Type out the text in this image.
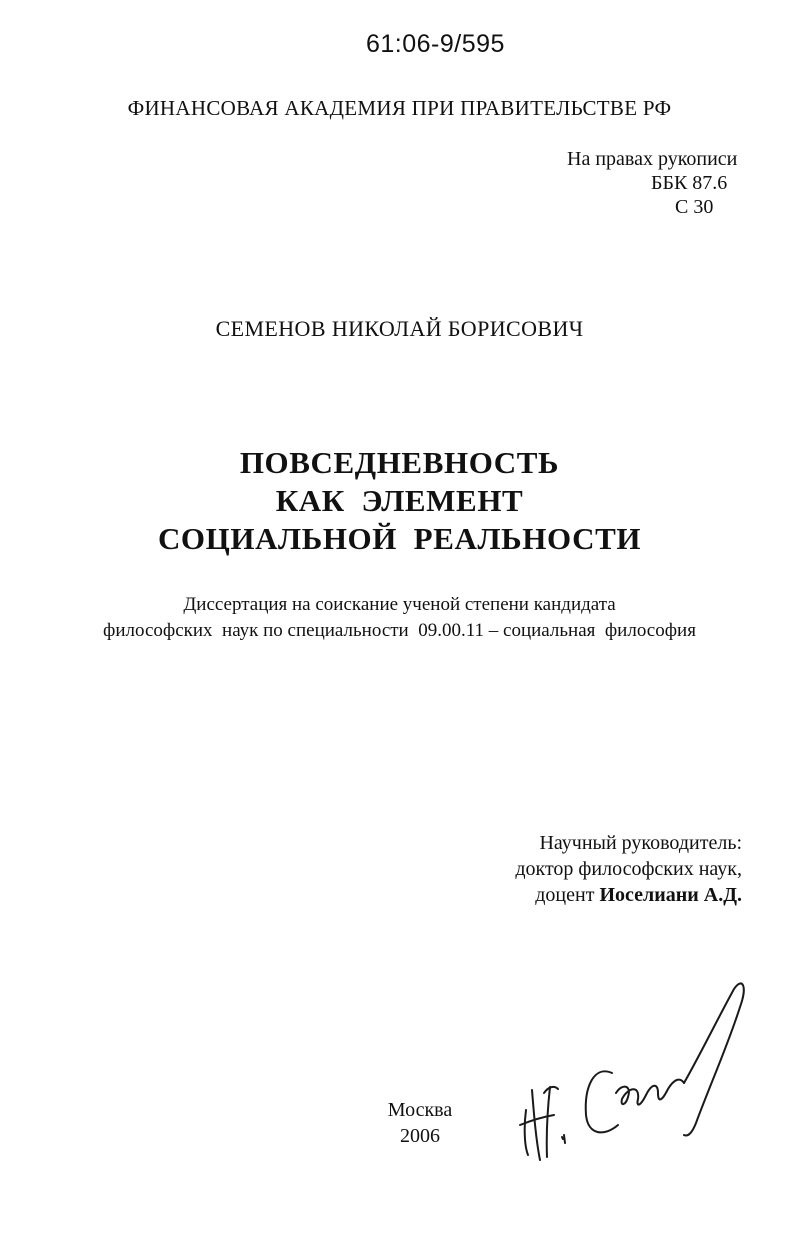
61:06-9/595
ФИНАНСОВАЯ АКАДЕМИЯ ПРИ ПРАВИТЕЛЬСТВЕ РФ
На правах рукописи
ББК 87.6
С 30
СЕМЕНОВ НИКОЛАЙ БОРИСОВИЧ
ПОВСЕДНЕВНОСТЬ
КАК  ЭЛЕМЕНТ
СОЦИАЛЬНОЙ  РЕАЛЬНОСТИ
Диссертация на соискание ученой степени кандидата
философских  наук по специальности  09.00.11 – социальная  философия
Научный руководитель:
доктор философских наук,
доцент Иоселиани А.Д.
Москва
2006
